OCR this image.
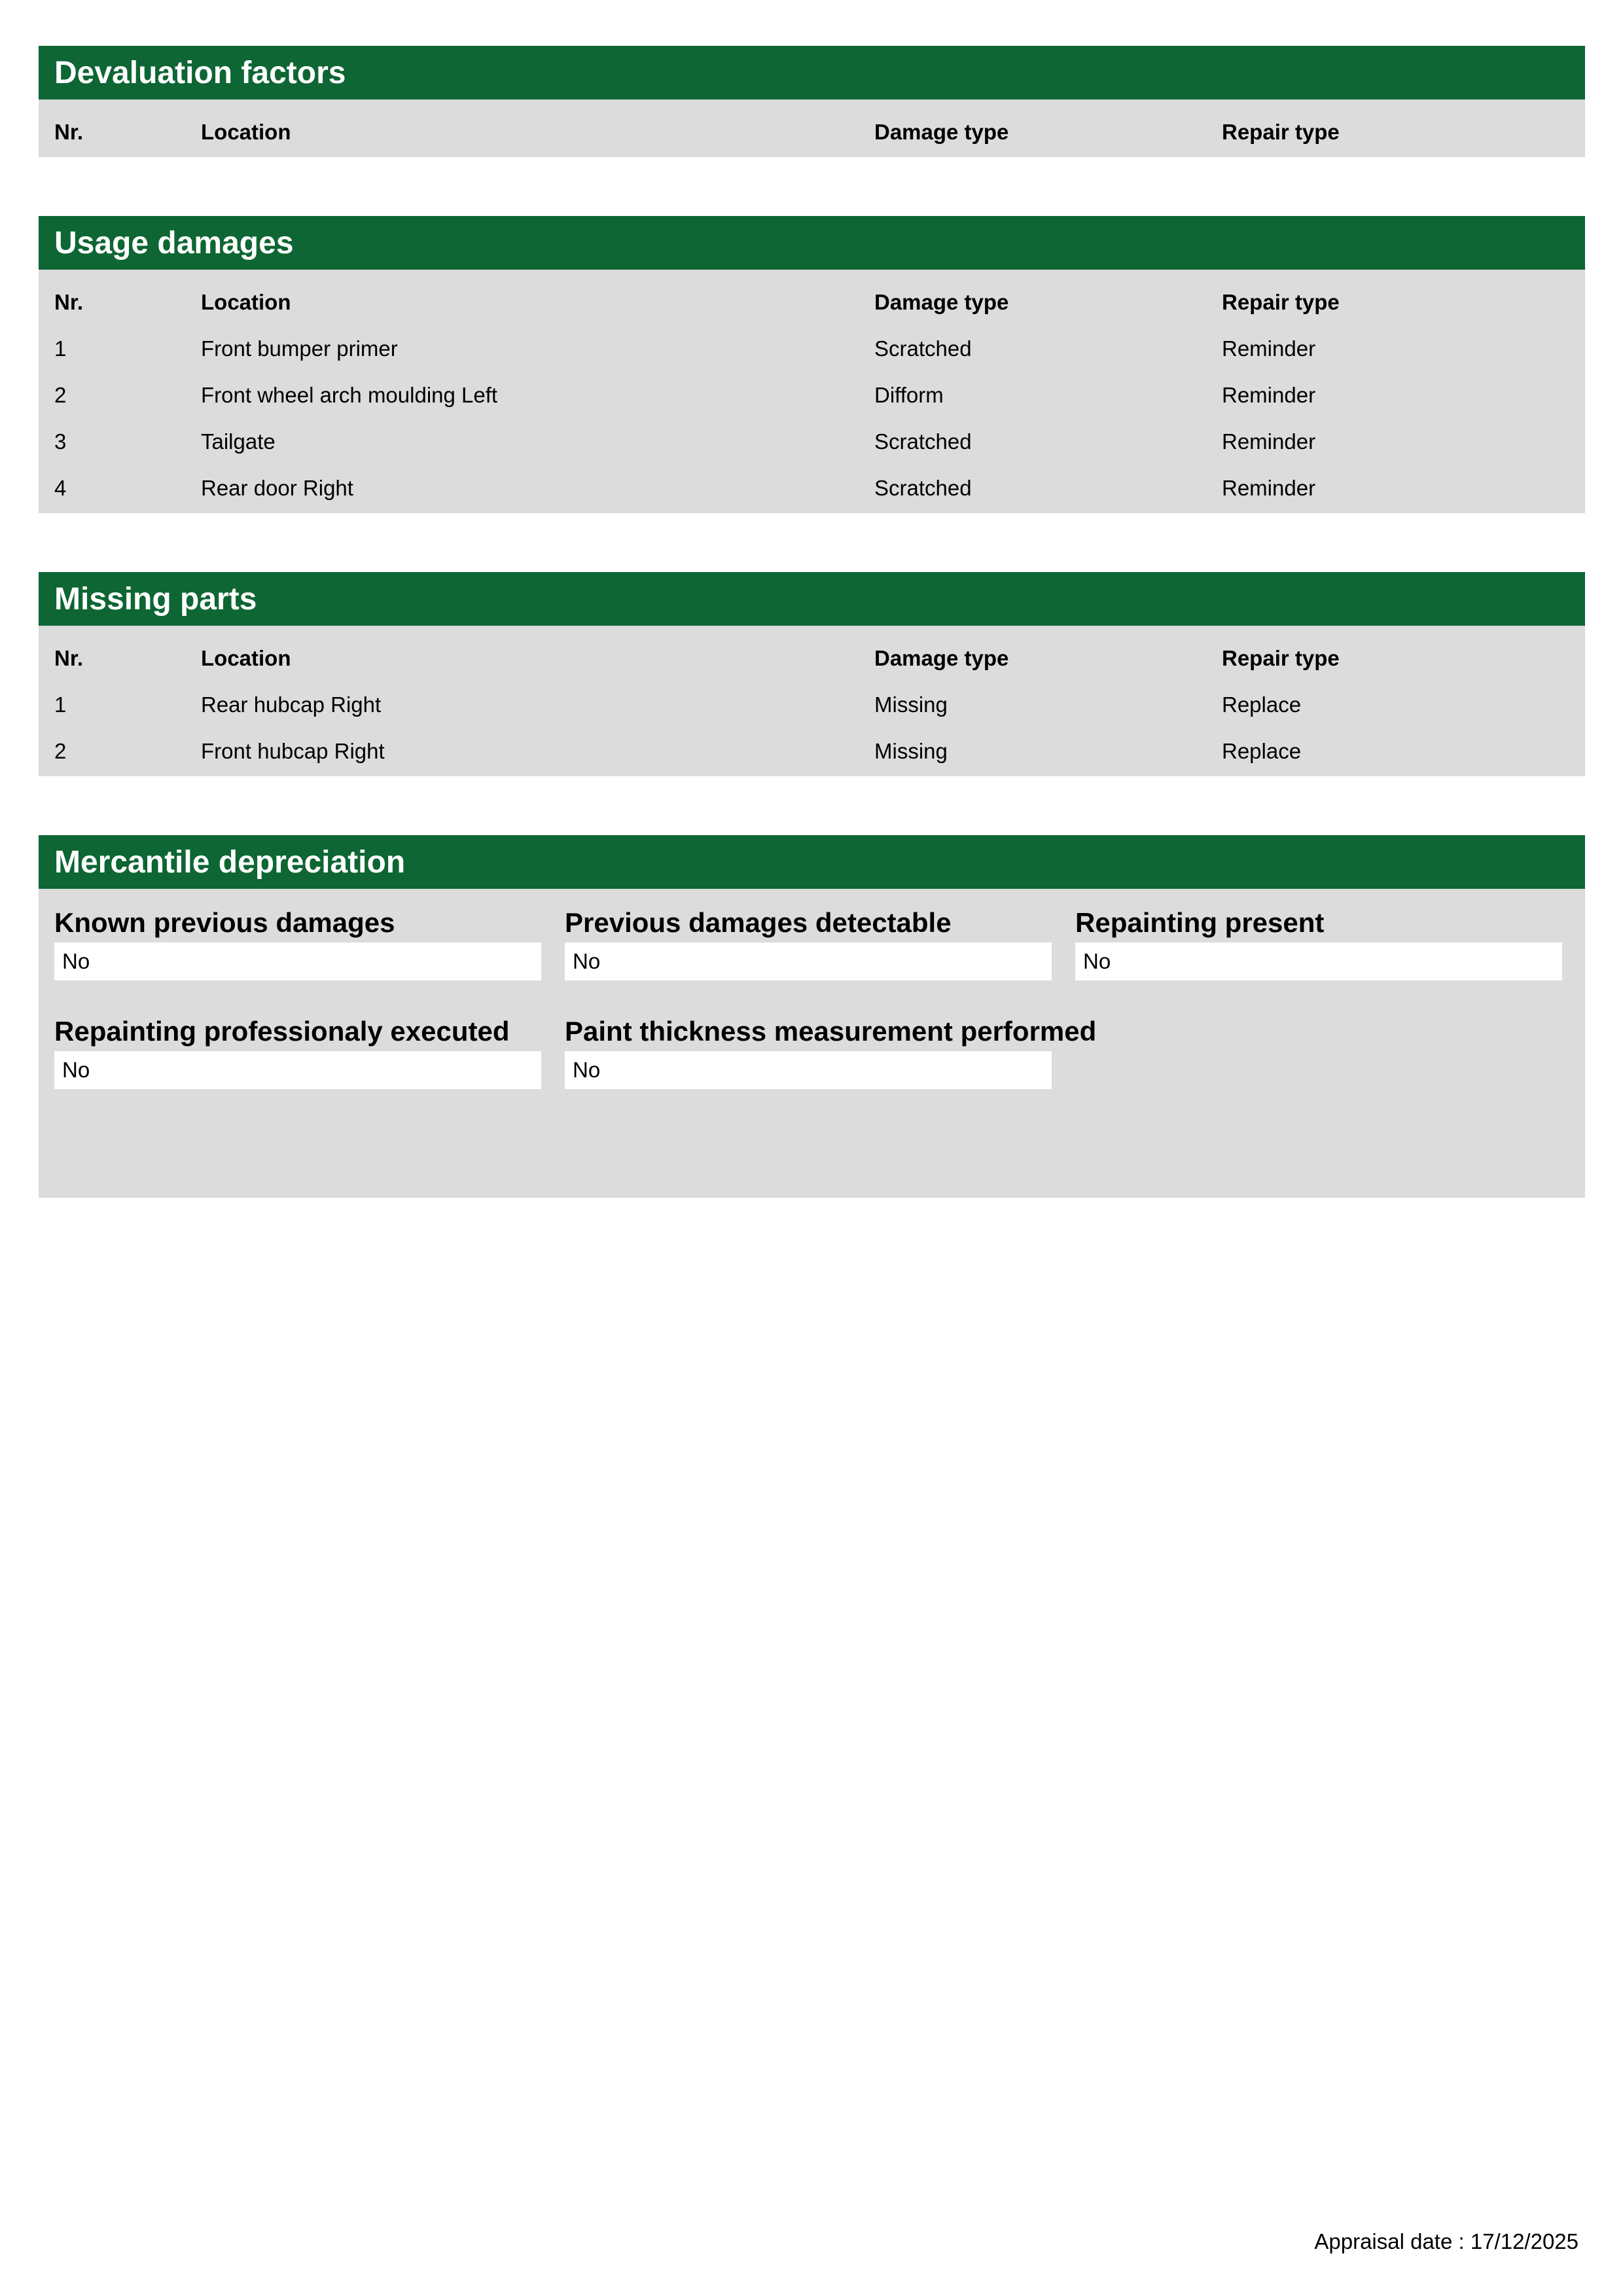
Devaluation factors
Nr.	Location	Damage type	Repair type
Usage damages
Nr.	Location	Damage type	Repair type
1	Front bumper primer	Scratched	Reminder
2	Front wheel arch moulding Left	Difform	Reminder
3	Tailgate	Scratched	Reminder
4	Rear door Right	Scratched	Reminder
Missing parts
Nr.	Location	Damage type	Repair type
1	Rear hubcap Right	Missing	Replace
2	Front hubcap Right	Missing	Replace
Mercantile depreciation
Known previous damages
No
Previous damages detectable
No
Repainting present
No
Repainting professionaly executed
No
Paint thickness measurement performed
No
Appraisal date : 17/12/2025
